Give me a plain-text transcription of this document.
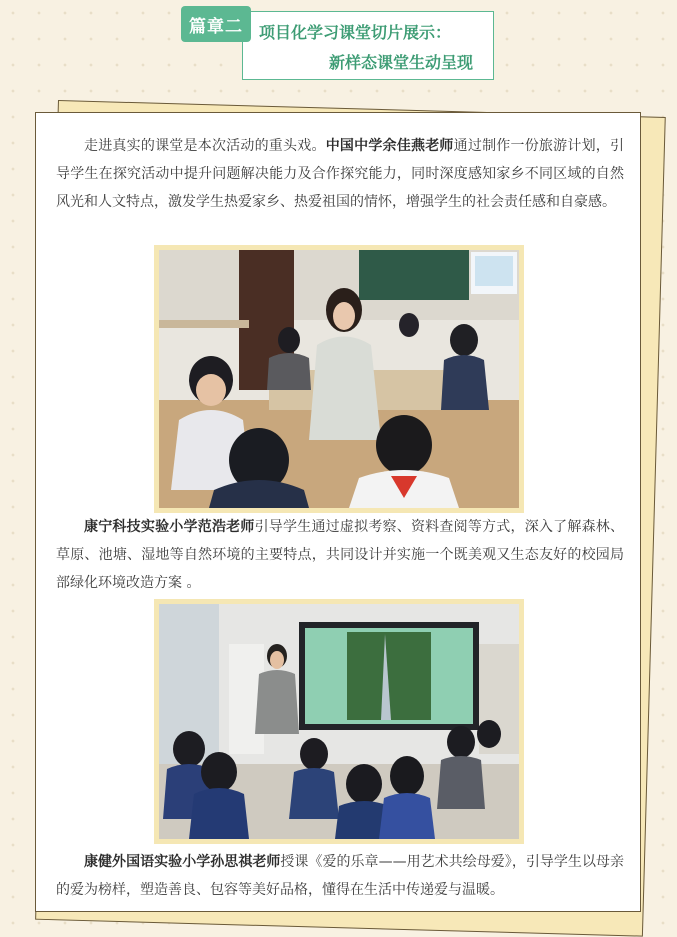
篇章二	项目化学习课堂切片展示：
新样态课堂生动呈现

走进真实的课堂是本次活动的重头戏。中国中学余佳燕老师通过制作一份旅游计划，引导学生在探究活动中提升问题解决能力及合作探究能力，同时深度感知家乡不同区域的自然风光和人文特点，激发学生热爱家乡、热爱祖国的情怀，增强学生的社会责任感和自豪感。

康宁科技实验小学范浩老师引导学生通过虚拟考察、资料查阅等方式，深入了解森林、草原、池塘、湿地等自然环境的主要特点，共同设计并实施一个既美观又生态友好的校园局部绿化环境改造方案 。

康健外国语实验小学孙思祺老师授课《爱的乐章——用艺术共绘母爱》，引导学生以母亲的爱为榜样，塑造善良、包容等美好品格，懂得在生活中传递爱与温暖。
